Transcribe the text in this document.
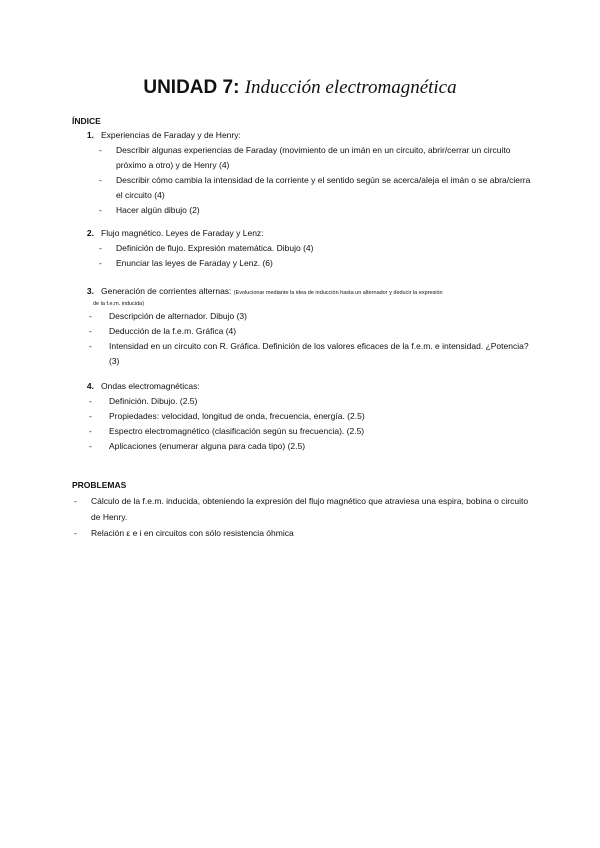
UNIDAD 7: Inducción electromagnética
ÍNDICE
1. Experiencias de Faraday y de Henry:
-	Describir algunas experiencias de Faraday (movimiento de un imán en un circuito, abrir/cerrar un circuito próximo a otro) y de Henry (4)
-	Describir cómo cambia la intensidad de la corriente y el sentido según se acerca/aleja el imán o se abra/cierra el circuito (4)
-	Hacer algún dibujo (2)
2. Flujo magnético. Leyes de Faraday y Lenz:
-	Definición de flujo. Expresión matemática. Dibujo (4)
-	Enunciar las leyes de Faraday y Lenz. (6)
3. Generación de corrientes alternas: (Evolucionar mediante la idea de inducción hasta un alternador y deducir la expresión
de la f.e.m. inducida)
-	Descripción de alternador. Dibujo (3)
-	Deducción de la f.e.m. Gráfica (4)
-	Intensidad en un circuito con R. Gráfica. Definición de los valores eficaces de la f.e.m. e intensidad. ¿Potencia? (3)
4. Ondas electromagnéticas:
-	Definición. Dibujo. (2.5)
-	Propiedades: velocidad, longitud de onda, frecuencia, energía. (2.5)
-	Espectro electromagnético (clasificación según su frecuencia). (2.5)
-	Aplicaciones (enumerar alguna para cada tipo) (2.5)
PROBLEMAS
-	Cálculo de la f.e.m. inducida, obteniendo la expresión del flujo magnético que atraviesa una espira, bobina o circuito de Henry.
-	Relación ε e i en circuitos con sólo resistencia óhmica
